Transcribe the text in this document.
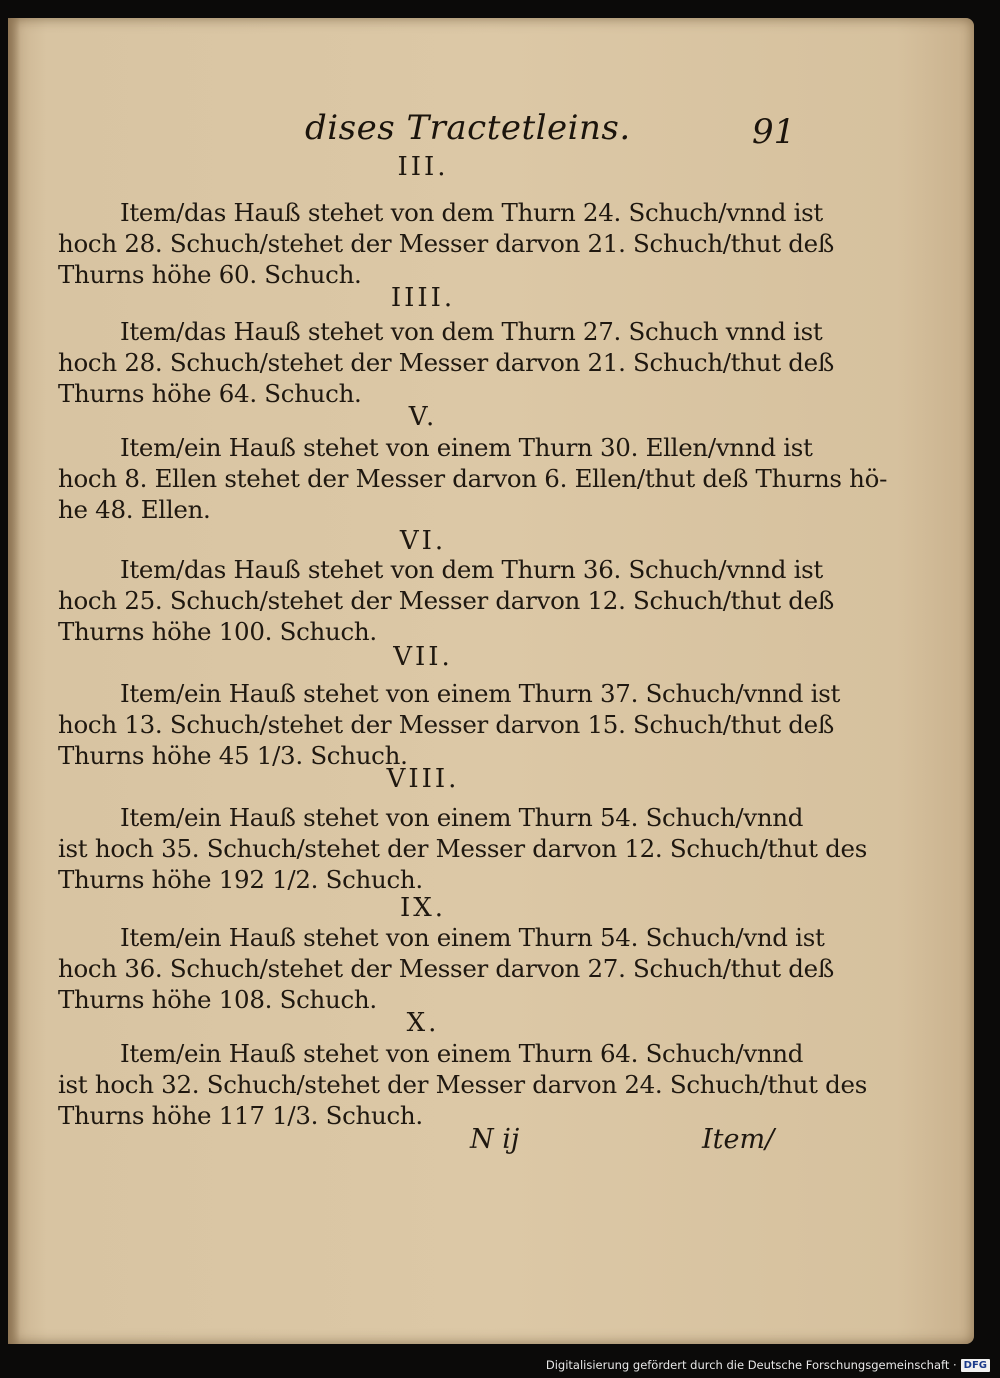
dises Tractetleins.	91
III.
Item/das Hauß stehet von dem Thurn 24. Schuch/vnnd ist
hoch 28. Schuch/stehet der Messer darvon 21. Schuch/thut deß
Thurns höhe 60. Schuch.
IIII.
Item/das Hauß stehet von dem Thurn 27. Schuch vnnd ist
hoch 28. Schuch/stehet der Messer darvon 21. Schuch/thut deß
Thurns höhe 64. Schuch.
V.
Item/ein Hauß stehet von einem Thurn 30. Ellen/vnnd ist
hoch 8. Ellen stehet der Messer darvon 6. Ellen/thut deß Thurns hö-
he 48. Ellen.
VI.
Item/das Hauß stehet von dem Thurn 36. Schuch/vnnd ist
hoch 25. Schuch/stehet der Messer darvon 12. Schuch/thut deß
Thurns höhe 100. Schuch.
VII.
Item/ein Hauß stehet von einem Thurn 37. Schuch/vnnd ist
hoch 13. Schuch/stehet der Messer darvon 15. Schuch/thut deß
Thurns höhe 45 1/3. Schuch.
VIII.
Item/ein Hauß stehet von einem Thurn 54. Schuch/vnnd
ist hoch 35. Schuch/stehet der Messer darvon 12. Schuch/thut des
Thurns höhe 192 1/2. Schuch.
IX.
Item/ein Hauß stehet von einem Thurn 54. Schuch/vnd ist
hoch 36. Schuch/stehet der Messer darvon 27. Schuch/thut deß
Thurns höhe 108. Schuch.
X.
Item/ein Hauß stehet von einem Thurn 64. Schuch/vnnd
ist hoch 32. Schuch/stehet der Messer darvon 24. Schuch/thut des
Thurns höhe 117 1/3. Schuch.
N ij	Item/
Digitalisierung gefördert durch die Deutsche Forschungsgemeinschaft · DFG
